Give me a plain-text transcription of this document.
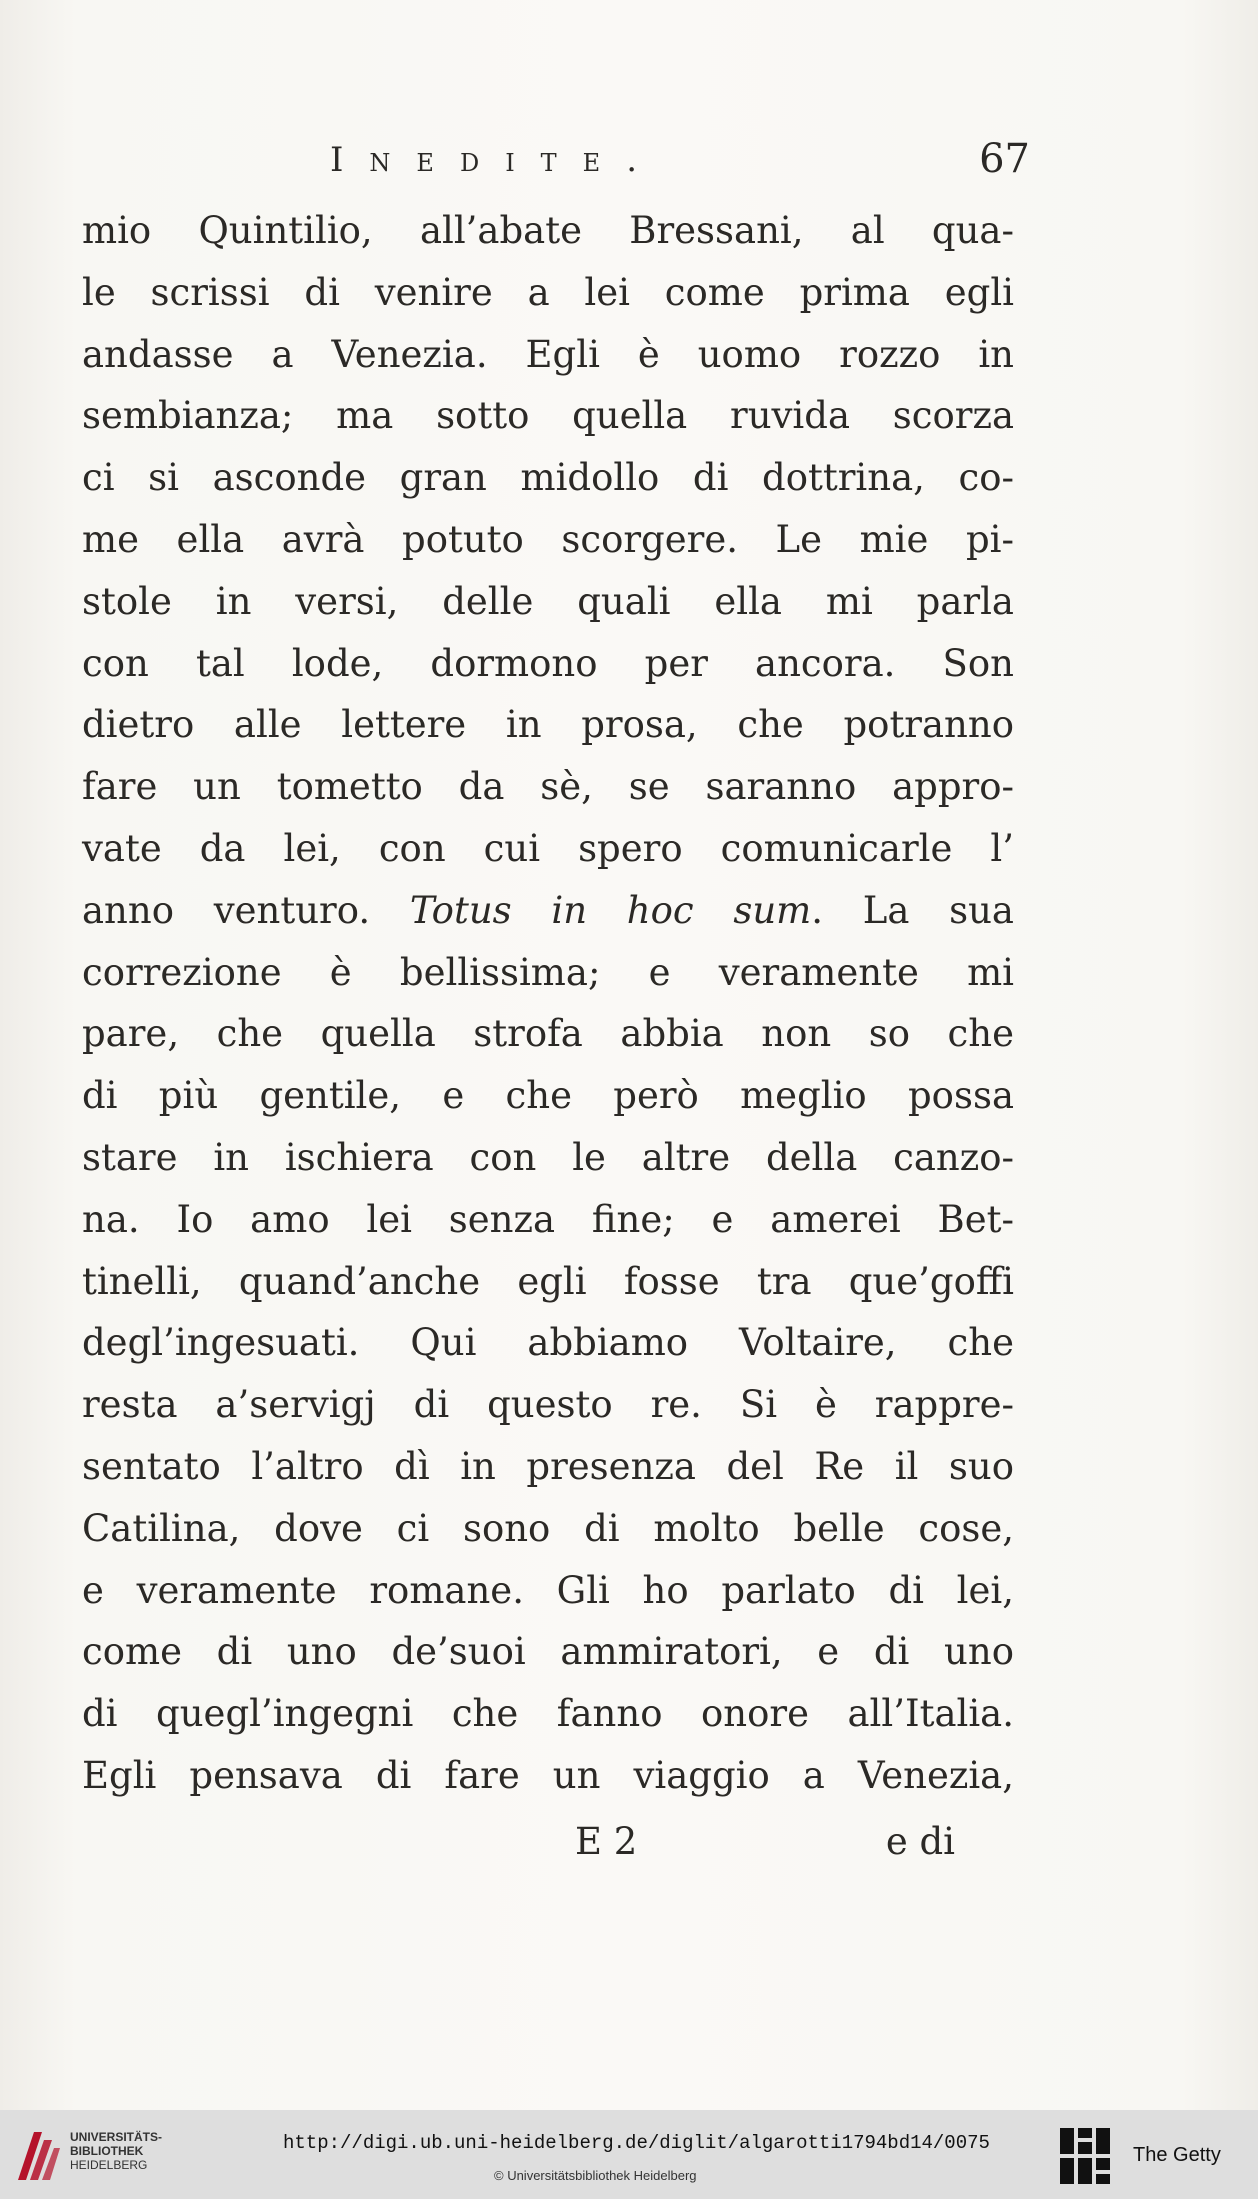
Inedite.	67
mio Quintilio, all’abate Bressani, al qua-
le scrissi di venire a lei come prima egli
andasse a Venezia. Egli è uomo rozzo in
sembianza; ma sotto quella ruvida scorza
ci si asconde gran midollo di dottrina, co-
me ella avrà potuto scorgere. Le mie pi-
stole in versi, delle quali ella mi parla
con tal lode, dormono per ancora. Son
dietro alle lettere in prosa, che potranno
fare un tometto da sè, se saranno appro-
vate da lei, con cui spero comunicarle l’
anno venturo. Totus in hoc sum. La sua
correzione è bellissima; e veramente mi
pare, che quella strofa abbia non so che
di più gentile, e che però meglio possa
stare in ischiera con le altre della canzo-
na. Io amo lei senza fine; e amerei Bet-
tinelli, quand’anche egli fosse tra que’goffi
degl’ingesuati. Qui abbiamo Voltaire, che
resta a’servigj di questo re. Si è rappre-
sentato l’altro dì in presenza del Re il suo
Catilina, dove ci sono di molto belle cose,
e veramente romane. Gli ho parlato di lei,
come di uno de’suoi ammiratori, e di uno
di quegl’ingegni che fanno onore all’Italia.
Egli pensava di fare un viaggio a Venezia,
E 2	e di
UNIVERSITÄTS-
BIBLIOTHEK
HEIDELBERG
http://digi.ub.uni-heidelberg.de/diglit/algarotti1794bd14/0075
© Universitätsbibliothek Heidelberg
The Getty
